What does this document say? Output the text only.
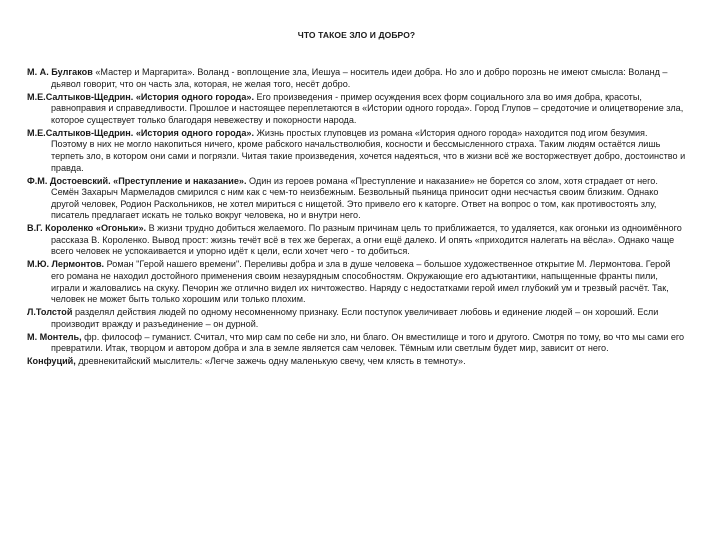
ЧТО ТАКОЕ ЗЛО И ДОБРО?
М. А. Булгаков «Мастер и Маргарита». Воланд - воплощение зла, Иешуа – носитель идеи добра. Но зло и добро порознь не имеют смысла: Воланд – дьявол говорит, что он часть зла, которая, не желая того, несёт добро.
М.Е.Салтыков-Щедрин. «История одного города». Его произведения - пример осуждения всех форм социального зла во имя добра, красоты, равноправия и справедливости. Прошлое и настоящее переплетаются в «Истории одного города». Город Глупов – средоточие и олицетворение зла, которое существует только благодаря невежеству и покорности народа.
М.Е.Салтыков-Щедрин. «История одного города». Жизнь простых глуповцев из романа «История одного города» находится под игом безумия. Поэтому в них не могло накопиться ничего, кроме рабского начальстволюбия, косности и бессмысленного страха. Таким людям остаётся лишь терпеть зло, в котором они сами и погрязли. Читая такие произведения, хочется надеяться, что в жизни всё же восторжествует добро, достоинство и правда.
Ф.М. Достоевский. «Преступление и наказание». Один из героев романа «Преступление и наказание» не борется со злом, хотя страдает от него. Семён Захарыч Мармеладов смирился с ним как с чем-то неизбежным. Безвольный пьяница приносит одни несчастья своим близким. Однако другой человек, Родион Раскольников, не хотел мириться с нищетой. Это привело его к каторге. Ответ на вопрос о том, как противостоять злу, писатель предлагает искать не только вокруг человека, но и внутри него.
В.Г. Короленко «Огоньки». В жизни трудно добиться желаемого. По разным причинам цель то приближается, то удаляется, как огоньки из одноимённого рассказа В. Короленко. Вывод прост: жизнь течёт всё в тех же берегах, а огни ещё далеко. И опять «приходится налегать на вёсла». Однако чаще всего человек не успокаивается и упорно идёт к цели, если хочет чего - то добиться.
М.Ю. Лермонтов. Роман "Герой нашего времени". Переливы добра и зла в душе человека – большое художественное открытие М. Лермонтова. Герой его романа не находил достойного применения своим незаурядным способностям. Окружающие его адъютантики, напыщенные франты пили, играли и жаловались на скуку. Печорин же отлично видел их ничтожество. Наряду с недостатками герой имел глубокий ум и трезвый расчёт. Так, человек не может быть только хорошим или только плохим.
Л.Толстой разделял действия людей по одному несомненному признаку. Если поступок увеличивает любовь и единение людей – он хороший. Если производит вражду и разъединение – он дурной.
М. Монтель, фр. философ – гуманист. Считал, что мир сам по себе ни зло, ни благо. Он вместилище и того и другого. Смотря по тому, во что мы сами его превратили. Итак, творцом и автором добра и зла в земле является сам человек. Тёмным или светлым будет мир, зависит от него.
Конфуций, древнекитайский мыслитель: «Легче зажечь одну маленькую свечу, чем клясть в темноту».
